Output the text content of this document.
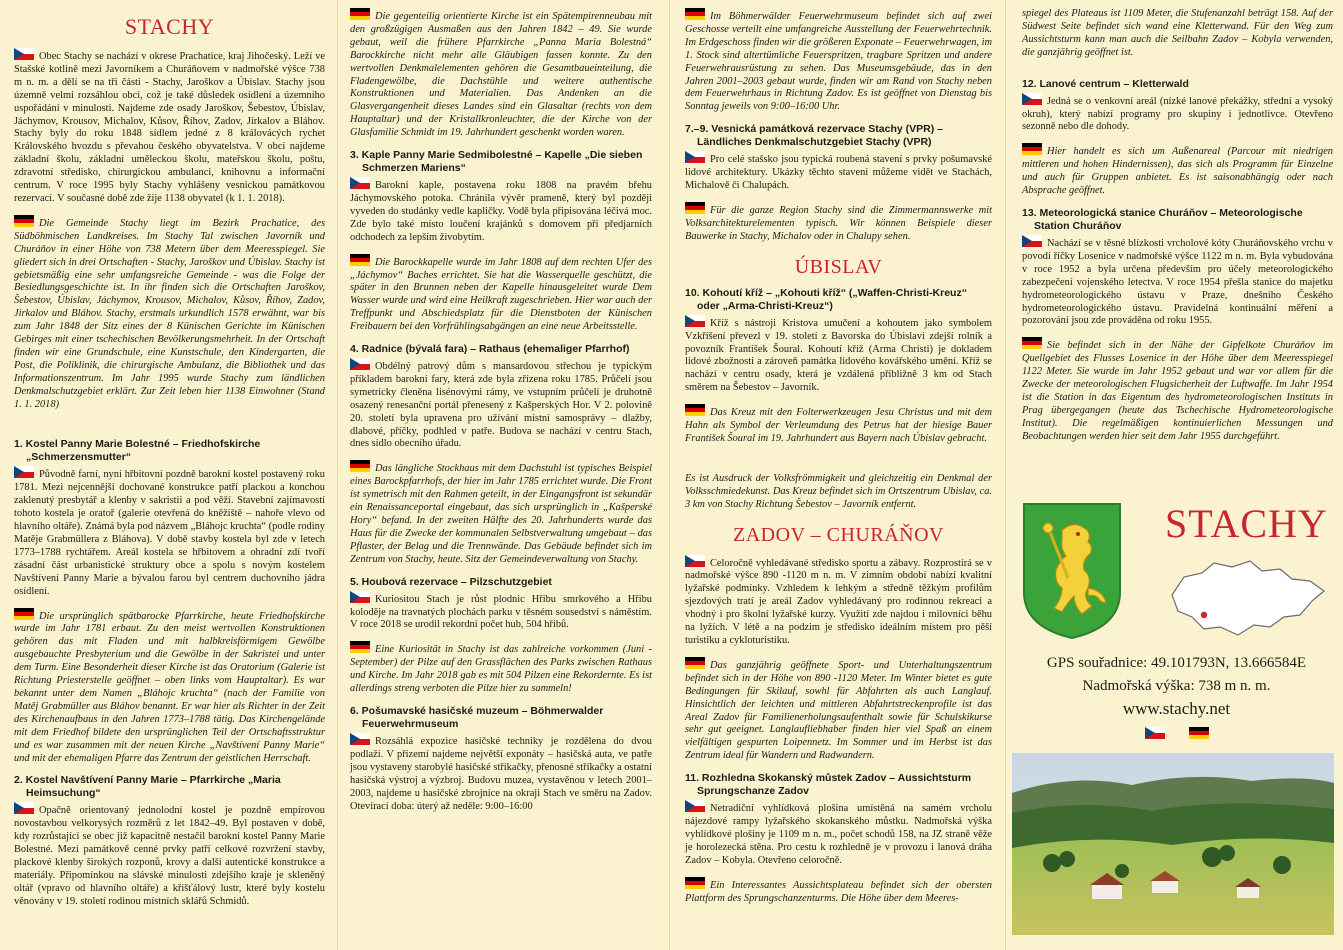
STACHY

Obec Stachy se nachází v okrese Prachatice, kraj Jihočeský. Leží ve Stašské kotlině mezi Javorníkem a Churáňovem v nadmořské výšce 738 m n. m. a dělí se na tři části - Stachy, Jaroškov a Úbislav. Stachy jsou územně velmi rozsáhlou obcí, což je také důsledek osídlení a územního uspořádání v minulosti. Najdeme zde osady Jaroškov, Šebestov, Úbislav, Jáchymov, Krousov, Michalov, Kůsov, Říhov, Zadov, Jirkalov a Bláhov. Stachy byly do roku 1848 sídlem jedné z 8 královácých rychet Královského hvozdu s převahou českého obyvatelstva. V obci najdeme základní školu, základní uměleckou školu, mateřskou školu, poštu, zdravotní středisko, chirurgickou ambulanci, knihovnu a informační centrum. V roce 1995 byly Stachy vyhlášeny vesnickou památkovou rezervací. V současné době zde žije 1138 obyvatel (k 1. 1. 2018).

Die Gemeinde Stachy liegt im Bezirk Prachatice, des Südböhmischen Landkreises. Im Stachy Tal zwischen Javorník und Churáňov in einer Höhe von 738 Metern über dem Meeresspiegel. Sie gliedert sich in drei Ortschaften - Stachy, Jaroškov und Úbislav. Stachy ist gebietsmäßig eine sehr umfangsreiche Gemeinde - was die Folge der Besiedlungsgeschichte ist. In ihr finden sich die Ortschaften Jaroškov, Šebestov, Úbislav, Jáchymov, Krousov, Michalov, Kůsov, Říhov, Zadov, Jirkalov und Bláhov. Stachy, erstmals urkundlich 1578 erwähnt, war bis zum Jahr 1848 der Sitz eines der 8 Künischen Gerichte im Künischen Gebirges mit einer tschechischen Bevölkerungsmehrheit. In der Ortschaft finden wir eine Grundschule, eine Kunstschule, den Kindergarten, die Post, die Poliklinik, die chirurgische Ambulanz, die Bibliothek und das Informationszentrum. Im Jahr 1995 wurde Stachy zum ländlichen Denkmalschutzgebiet erklärt. Zur Zeit leben hier 1138 Einwohner (Stand 1. 1. 2018)

1. Kostel Panny Marie Bolestné – Friedhofskirche
„Schmerzensmutter“

Původně farní, nyní hřbitovní pozdně barokní kostel postavený roku 1781. Mezi nejcennější dochované konstrukce patří plackou a konchou zaklenutý presbytář a klenby v sakristii a pod věží. Stavební zajímavostí tohoto kostela je oratoř (galerie otevřená do kněžiště – nahoře vlevo od hlavního oltáře). Známá byla pod názvem „Bláhojc kruchta“ (podle rodiny Matěje Grabmüllera z Bláhova). V době stavby kostela byl zde v letech 1773–1788 rychtářem. Areál kostela se hřbitovem a ohradní zdí tvoří zásadní část urbanistické struktury obce a spolu s novým kostelem Navštívení Panny Marie a bývalou farou byl centrem duchovního jádra osídlení.

Die ursprünglich spätbarocke Pfarrkirche, heute Friedhofskirche wurde im Jahr 1781 erbaut. Zu den meist wertvollen Konstruktionen gehören das mit Fladen und mit halbkreisförmigem Gewölbe ausgebauchte Presbyterium und die Gewölbe in der Sakristei und unter dem Turm. Eine Besonderheit dieser Kirche ist das Oratorium (Galerie ist Richtung Priesterstelle geöffnet – oben links vom Hauptaltar). Es war bekannt unter dem Namen „Bláhojc kruchta“ (nach der Familie von Matěj Grabmüller aus Bláhov benannt. Er war hier als Richter in der Zeit des Kirchenaufbaus in den Jahren 1773–1788 tätig. Das Kirchengelände mit dem Friedhof bildete den ursprünglichen Teil der Ortschaftsstruktur und es war zusammen mit der neuen Kirche „Navštívení Panny Marie“ und mit der ehemaligen Pfarre das Zentrum der geistlichen Herrschaft.

2. Kostel Navštívení Panny Marie – Pfarrkirche „Maria
Heimsuchung“

Opačně orientovaný jednolodní kostel je pozdně empírovou novostavbou velkorysých rozměrů z let 1842–49. Byl postaven v době, kdy rozrůstající se obec již kapacitně nestačil barokní kostel Panny Marie Bolestné. Mezi památkově cenné prvky patří celkové rozvržení stavby, plackové klenby širokých rozponů, krovy a další autentické konstrukce a materiály. Připomínkou na slávské minulosti zdejšího kraje je skleněný oltář (vpravo od hlavního oltáře) a křišťálový lustr, které byly kostelu věnovány v 19. století rodinou místních sklářů Schmidů.

Die gegenteilig orientierte Kirche ist ein Spätempirenneubau mit den großzügigen Ausmaßen aus den Jahren 1842 – 49. Sie wurde gebaut, weil die frühere Pfarrkirche „Panna Maria Bolestná“ Barockkirche nicht mehr alle Gläubigen fassen konnte. Zu den wertvollen Denkmalelementen gehören die Gesamtbaueinteilung, die Fladengewölbe, die Dachstühle und weitere authentische Konstruktionen und Materialien. Das Andenken an die Glasvergangenheit dieses Landes sind ein Glasaltar (rechts von dem Hauptaltar) und der Kristallkronleuchter, die der Kirche von der Glasfamilie Schmidt im 19. Jahrhundert geschenkt worden waren.

3. Kaple Panny Marie Sedmibolestné – Kapelle „Die sieben
Schmerzen Mariens“

Barokní kaple, postavena roku 1808 na pravém břehu Jáchymovského potoka. Chránila vývěr prameně, který byl později vyveden do studánky vedle kapličky. Vodě byla připisována léčivá moc. Zde bylo také místo loučení krajánků s domovem při předjarních odchodech za lepším živobytím.

Die Barockkapelle wurde im Jahr 1808 auf dem rechten Ufer des „Jáchymov“ Baches errichtet. Sie hat die Wasserquelle geschützt, die später in den Brunnen neben der Kapelle hinausgeleitet wurde Dem Wasser wurde und wird eine Heilkraft zugeschrieben. Hier war auch der Treffpunkt und Abschiedsplatz für die Dienstboten der Künischen Freibauern bei den Vorfrühlingsabgängen an eine neue Arbeitsstelle.

4. Radnice (bývalá fara) – Rathaus (ehemaliger Pfarrhof)

Obdélný patrový dům s mansardovou střechou je typickým příkladem barokní fary, která zde byla zřízena roku 1785. Průčelí jsou symetricky členěna lisénovými rámy, ve vstupním průčelí je druhotně osazený renesanční portál přenesený z Kašperských Hor. V 2. polovině 20. století byla upravena pro užívání místní samosprávy – dlažby, dlabové, příčky, podhled v patře. Budova se nachází v centru Stach, dnes sídlo obecního úřadu.

Das längliche Stockhaus mit dem Dachstuhl ist typisches Beispiel eines Barockpfarrhofs, der hier im Jahr 1785 errichtet wurde. Die Front ist symetrisch mit den Rahmen geteilt, in der Eingangsfront ist sekundär ein Renaissanceportal eingebaut, das sich ursprünglich in „Kašperské Hory“ befand. In der zweiten Hälfte des 20. Jahrhunderts wurde das Haus für die Zwecke der kommunalen Selbstverwaltung umgebaut – das Pflaster, der Belag und die Trennwände. Das Gebäude befindet sich im Zentrum von Stachy, heute. Sitz der Gemeindeverwaltung von Stachy.

5. Houbová rezervace – Pilzschutzgebiet

Kuriositou Stach je růst plodnic Hřibu smrkového a Hřibu koloděje na travnatých plochách parku v těsném sousedství s náměstím. V roce 2018 se urodil rekordní počet hub, 504 hřibů.

Eine Kuriosität in Stachy ist das zahlreiche vorkommen (Juni - September) der Pilze auf den Grassflächen des Parks zwischen Rathaus und Kirche. Im Jahr 2018 gab es mit 504 Pilzen eine Rekordernte. Es ist allerdings streng verboten die Pilze hier zu sammeln!

6. Pošumavské hasičské muzeum – Böhmerwalder
Feuerwehrmuseum

Rozsáhlá expozice hasičské techniky je rozdělena do dvou podlaží. V přízemí najdeme největší exponáty – hasičská auta, ve patře jsou vystaveny starobylé hasičské stříkačky, přenosné stříkačky a ostatní hasičská výstroj a výzbroj. Budovu muzea, vystavěnou v letech 2001–2003, najdeme u hasičské zbrojnice na okraji Stach ve směru na Zadov. Otevírací doba: úterý až neděle: 9:00–16:00

Im Böhmerwälder Feuerwehrmuseum befindet sich auf zwei Geschosse verteilt eine umfangreiche Ausstellung der Feuerwehrtechnik. Im Erdgeschoss finden wir die größeren Exponate – Feuerwehrwagen, im 1. Stock sind altertümliche Feuerspritzen, tragbare Spritzen und andere Feuerwehrausrüstung zu sehen. Das Museumsgebäude, das in den Jahren 2001–2003 gebaut wurde, finden wir am Rand von Stachy neben dem Feuerwehrhaus in Richtung Zadov. Es ist geöffnet von Dienstag bis Sonntag jeweils von 9:00–16:00 Uhr.

7.–9. Vesnická památková rezervace Stachy (VPR) –
Ländliches Denkmalschutzgebiet Stachy (VPR)

Pro celé stašsko jsou typická roubená stavení s prvky pošumavské lidové architektury. Ukázky těchto stavení můžeme vidět ve Stachách, Michalově či Chalupách.

Für die ganze Region Stachy sind die Zimmermannswerke mit Volksarchitekturelementen typisch. Wir können Beispiele dieser Bauwerke in Stachy, Michalov oder in Chalupy sehen.

ÚBISLAV
10. Kohoutí kříž – „Kohouti kříž“ („Waffen-Christi-Kreuz“
oder „Arma-Christi-Kreuz“)

Kříž s nástroji Kristova umučení a kohoutem jako symbolem Vzkříšení převezl v 19. století z Bavorska do Úbislavi zdejší rolník a povozník František Šoural. Kohoutí kříž (Arma Christi) je dokladem lidové zbožnosti a zároveň památka lidového kovářského umění. Kříž se nachází v centru osady, která je vzdálená přibližně 3 km od Stach směrem na Šebestov – Javorník.

Das Kreuz mit den Folterwerkzeugen Jesu Christus und mit dem Hahn als Symbol der Verleumdung des Petrus hat der hiesige Bauer František Šoural im 19. Jahrhundert aus Bayern nach Úbislav gebracht.

Es ist Ausdruck der Volksfrömmigkeit und gleichzeitig ein Denkmal der Volksschmiedekunst. Das Kreuz befindet sich im Ortszentrum Ubislav, ca. 3 km von Stachy Richtung Šebestov – Javorník entfernt.

ZADOV – CHURÁŇOV

Celoročně vyhledávané středisko sportu a zábavy. Rozprostírá se v nadmořské výšce 890 -1120 m n. m. V zimním období nabízí kvalitní lyžařské podmínky. Vzhledem k lehkým a středně těžkým profilům sjezdových tratí je areál Zadov vyhledávaný pro rodinnou rekreaci a vhodný i pro školní lyžařské kurzy. Využití zde najdou i milovníci běhu na lyžích. V létě a na podzim je středisko ideálním místem pro pěší turistiku a cykloturistiku.

Das ganzjährig geöffnete Sport- und Unterhaltungszentrum befindet sich in der Höhe von 890 -1120 Meter. Im Winter bietet es gute Bedingungen für Skilauf, sowhl für Abfahrten als auch Langlauf. Hinsichtlich der leichten und mittleren Abfahrtstreckenprofile ist das Areal Zadov für Familienerholungsaufenthalt sowie für Schulskikurse sehr gut geeignet. Langlaufliebhaber finden hier viel Spaß an einem vielfältigen gespurten Loipennetz. Im Sommer und im Herbst ist das Zentrum ideal für Wandern und Radwandern.

11. Rozhledna Skokanský můstek Zadov – Aussichtsturm
Sprungschanze Zadov

Netradiční vyhlídková plošina umístěná na samém vrcholu nájezdové rampy lyžařského skokanského můstku. Nadmořská výška vyhlídkové plošiny je 1109 m n. m., počet schodů 158, na JZ straně věže je horolezecká stěna. Pro cestu k rozhledně je v provozu i lanová dráha Zadov – Kobyla. Otevřeno celoročně.

Ein Interessantes Aussichtsplateau befindet sich der obersten Plattform des Sprungschanzenturms. Die Höhe über dem Meeres-

spiegel des Plateaus ist 1109 Meter, die Stufenanzahl beträgt 158. Auf der Südwest Seite befindet sich wand eine Kletterwand. Für den Weg zum Aussichtsturm kann man auch die Seilbahn Zadov – Kobyla verwenden, die ganzjährig geöffnet ist.

12. Lanové centrum – Kletterwald

Jedná se o venkovní areál (nízké lanové překážky, střední a vysoký okruh), který nabízí programy pro skupiny i jednotlivce. Otevřeno sezonně nebo dle dohody.

Hier handelt es sich um Außenareal (Parcour mit niedrigen mittleren und hohen Hindernissen), das sich als Programm für Einzelne und auch für Gruppen anbietet. Es ist saisonabhängig oder nach Absprache geöffnet.

13. Meteorologická stanice Churáňov – Meteorologische
Station Churáňov

Nachází se v těsné blízkosti vrcholové kóty Churáňovského vrchu v povodí říčky Losenice v nadmořské výšce 1122 m n. m. Byla vybudována v roce 1952 a byla určena především pro účely meteorologického zabezpečení vojenského letectva. V roce 1954 přešla stanice do majetku hydrometeorologického ústavu v Praze, dnešního Českého hydrometeorologického ústavu. Pravidelná kontinuální měření a pozorování jsou zde prováděna od roku 1955.

Sie befindet sich in der Nähe der Gipfelkote Churáňov im Quellgebiet des Flusses Losenice in der Höhe über dem Meeresspiegel 1122 Meter. Sie wurde im Jahr 1952 gebaut und war vor allem für die Zwecke der meteorologischen Flugsicherheit der Luftwaffe. Im Jahr 1954 ist die Station in das Eigentum des hydrometeorologischen Instituts in Prag übergegangen (heute das Tschechische Hydrometeorologische Institut). Die regelmäßigen kontinuierlichen Messungen und Beobachtungen werden hier seit dem Jahr 1955 durchgeführt.

STACHY
GPS souřadnice: 49.101793N, 13.666584E
Nadmořská výška: 738 m n. m.
www.stachy.net
